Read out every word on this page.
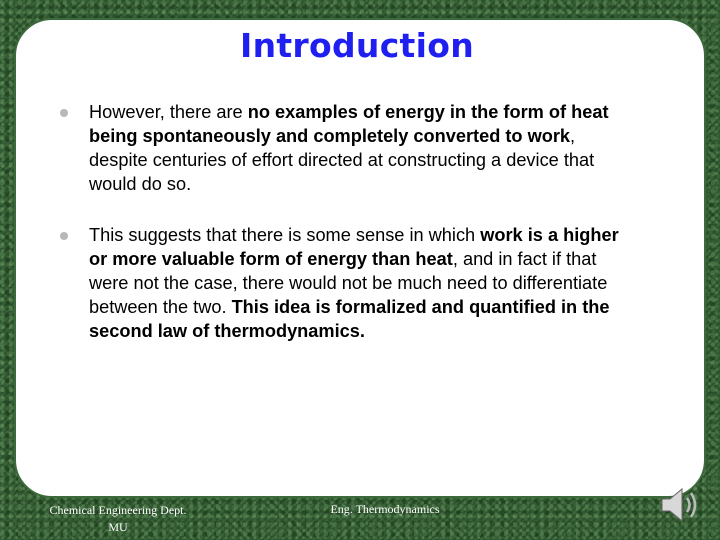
Introduction
However, there are no examples of energy in the form of heat being spontaneously and completely converted to work, despite centuries of effort directed at constructing a device that would do so.
This suggests that there is some sense in which work is a higher or more valuable form of energy than heat, and in fact if that were not the case, there would not be much need to differentiate between the two. This idea is formalized and quantified in the second law of thermodynamics.
Chemical Engineering Dept.
MU
Eng. Thermodynamics
